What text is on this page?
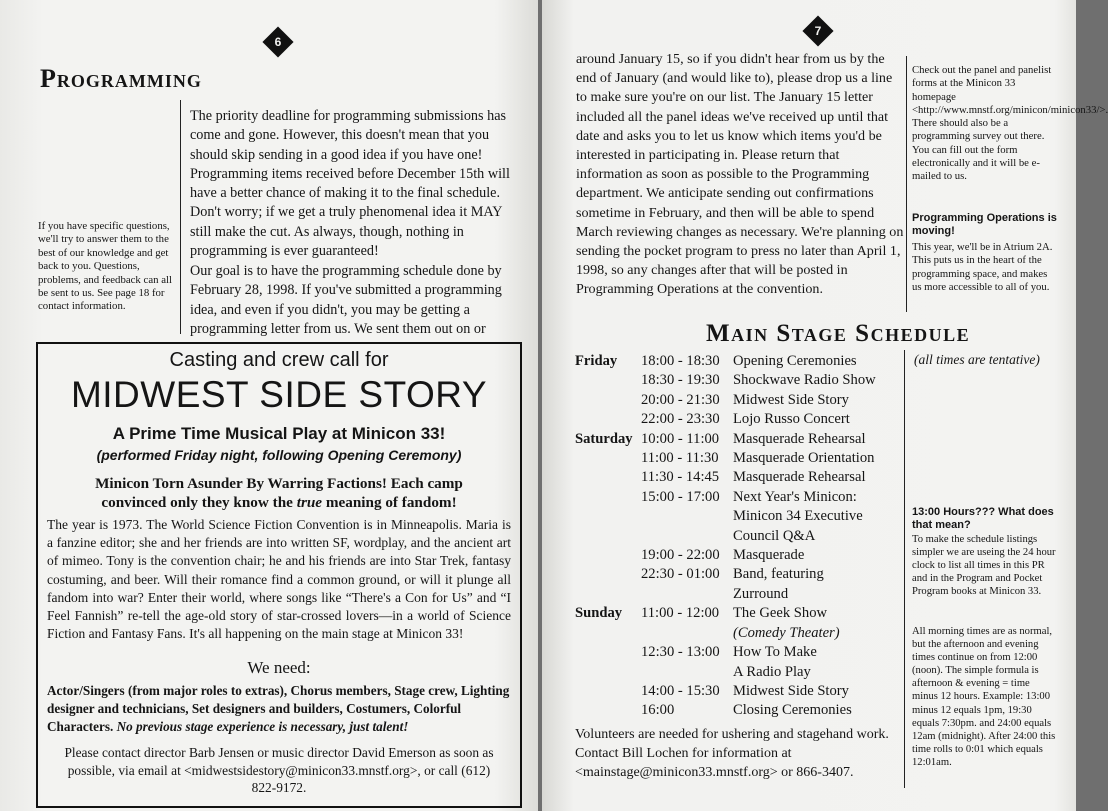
6
Programming
If you have specific questions, we'll try to answer them to the best of our knowledge and get back to you. Questions, problems, and feedback can all be sent to us. See page 18 for contact information.
The priority deadline for programming submissions has come and gone. However, this doesn't mean that you should skip sending in a good idea if you have one! Programming items received before December 15th will have a better chance of making it to the final schedule. Don't worry; if we get a truly phenomenal idea it MAY still make the cut. As always, though, nothing in programming is ever guaranteed!
Our goal is to have the programming schedule done by February 28, 1998. If you've submitted a programming idea, and even if you didn't, you may be getting a programming letter from us. We sent them out on or
Casting and crew call for
MIDWEST SIDE STORY
A Prime Time Musical Play at Minicon 33!
(performed Friday night, following Opening Ceremony)
Minicon Torn Asunder By Warring Factions! Each camp convinced only they know the true meaning of fandom!
The year is 1973. The World Science Fiction Convention is in Minneapolis. Maria is a fanzine editor; she and her friends are into written SF, wordplay, and the ancient art of mimeo. Tony is the convention chair; he and his friends are into Star Trek, fantasy costuming, and beer. Will their romance find a common ground, or will it plunge all fandom into war? Enter their world, where songs like “There's a Con for Us” and “I Feel Fannish” re-tell the age-old story of star-crossed lovers—in a world of Science Fiction and Fantasy Fans. It's all happening on the main stage at Minicon 33!
We need:
Actor/Singers (from major roles to extras), Chorus members, Stage crew, Lighting designer and technicians, Set designers and builders, Costumers, Colorful Characters. No previous stage experience is necessary, just talent!
Please contact director Barb Jensen or music director David Emerson as soon as possible, via email at <midwestsidestory@minicon33.mnstf.org>, or call (612) 822-9172.
7
around January 15, so if you didn't hear from us by the end of January (and would like to), please drop us a line to make sure you're on our list. The January 15 letter included all the panel ideas we've received up until that date and asks you to let us know which items you'd be interested in participating in. Please return that information as soon as possible to the Programming department. We anticipate sending out confirmations sometime in February, and then will be able to spend March reviewing changes as necessary. We're planning on sending the pocket program to press no later than April 1, 1998, so any changes after that will be posted in Programming Operations at the convention.
Check out the panel and panelist forms at the Minicon 33 homepage <http://www.mnstf.org/minicon/minicon33/>. There should also be a programming survey out there. You can fill out the form electronically and it will be e-mailed to us.
Programming Operations is moving!
This year, we'll be in Atrium 2A. This puts us in the heart of the programming space, and makes us more accessible to all of you.
Main Stage Schedule
(all times are tentative)
Friday	18:00 - 18:30	Opening Ceremonies
	18:30 - 19:30	Shockwave Radio Show
	20:00 - 21:30	Midwest Side Story
	22:00 - 23:30	Lojo Russo Concert
Saturday	10:00 - 11:00	Masquerade Rehearsal
	11:00 - 11:30	Masquerade Orientation
	11:30 - 14:45	Masquerade Rehearsal
	15:00 - 17:00	Next Year's Minicon:
		Minicon 34 Executive
		Council Q&A
	19:00 - 22:00	Masquerade
	22:30 - 01:00	Band, featuring
		Zurround
Sunday	11:00 - 12:00	The Geek Show
		(Comedy Theater)
	12:30 - 13:00	How To Make
		A Radio Play
	14:00 - 15:30	Midwest Side Story
	16:00	Closing Ceremonies
Volunteers are needed for ushering and stagehand work. Contact Bill Lochen for information at <mainstage@minicon33.mnstf.org> or 866-3407.
13:00 Hours??? What does that mean?
To make the schedule listings simpler we are useing the 24 hour clock to list all times in this PR and in the Program and Pocket Program books at Minicon 33.
All morning times are as normal, but the afternoon and evening times continue on from 12:00 (noon). The simple formula is afternoon & evening = time minus 12 hours. Example: 13:00 minus 12 equals 1pm, 19:30 equals 7:30pm. and 24:00 equals 12am (midnight). After 24:00 this time rolls to 0:01 which equals 12:01am.
